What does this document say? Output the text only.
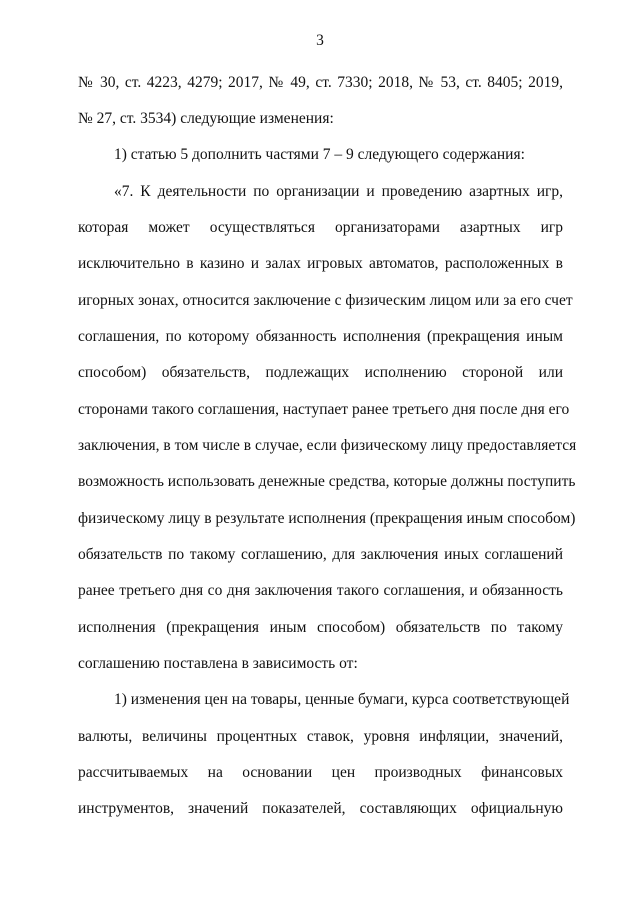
3
№ 30, ст. 4223, 4279; 2017, № 49, ст. 7330; 2018, № 53, ст. 8405; 2019,
№ 27, ст. 3534) следующие изменения:
1) статью 5 дополнить частями 7 – 9 следующего содержания:
«7. К деятельности по организации и проведению азартных игр,
которая может осуществляться организаторами азартных игр
исключительно в казино и залах игровых автоматов, расположенных в
игорных зонах, относится заключение с физическим лицом или за его счет
соглашения, по которому обязанность исполнения (прекращения иным
способом) обязательств, подлежащих исполнению стороной или
сторонами такого соглашения, наступает ранее третьего дня после дня его
заключения, в том числе в случае, если физическому лицу предоставляется
возможность использовать денежные средства, которые должны поступить
физическому лицу в результате исполнения (прекращения иным способом)
обязательств по такому соглашению, для заключения иных соглашений
ранее третьего дня со дня заключения такого соглашения, и обязанность
исполнения (прекращения иным способом) обязательств по такому
соглашению поставлена в зависимость от:
1) изменения цен на товары, ценные бумаги, курса соответствующей
валюты, величины процентных ставок, уровня инфляции, значений,
рассчитываемых на основании цен производных финансовых
инструментов, значений показателей, составляющих официальную
